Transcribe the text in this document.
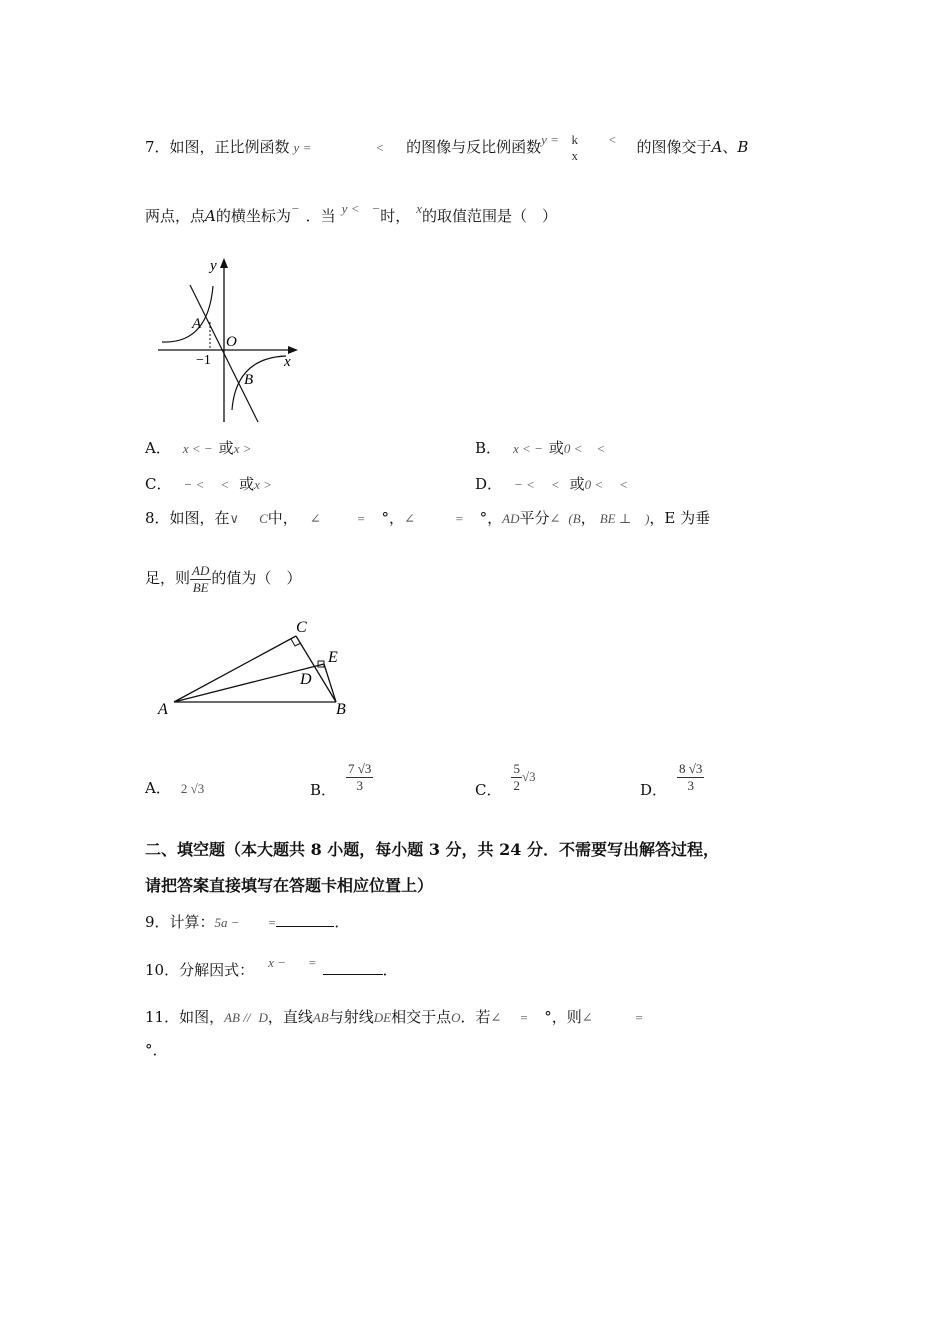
7．如图，正比例函数 y =	< 的图像与反比例函数y = k
x
< 的图像交于A、B
两点，点A的横坐标为− ．当 y < −时， x的取值范围是（　）
y
x
O
A
B
−1
A． x < − 或x >	B． x < − 或0 < <
C． − < < 或x >	D． − < < 或0 < <
8．如图，在∨ C中， ∠	= °，∠	= °，AD平分∠ (B， BE ⊥ )，E 为垂
足，则 $\frac{AD}{BE}$ 的值为（　）
A	B
C
D
E
A． 2 √3	B． $\frac{7 √3}{3}$	C． $\frac{5}{2} √3$
D． $\frac{8 √3}{3}$
二、填空题（本大题共 8 小题，每小题 3 分，共 24 分．不需要写出解答过程，
请把答案直接填写在答题卡相应位置上）
9．计算：5a − =	．
10．分解因式： x − =	．
11．如图，AB // D，直线AB与射线DE相交于点O．若∠ = °，则∠	=
°．
